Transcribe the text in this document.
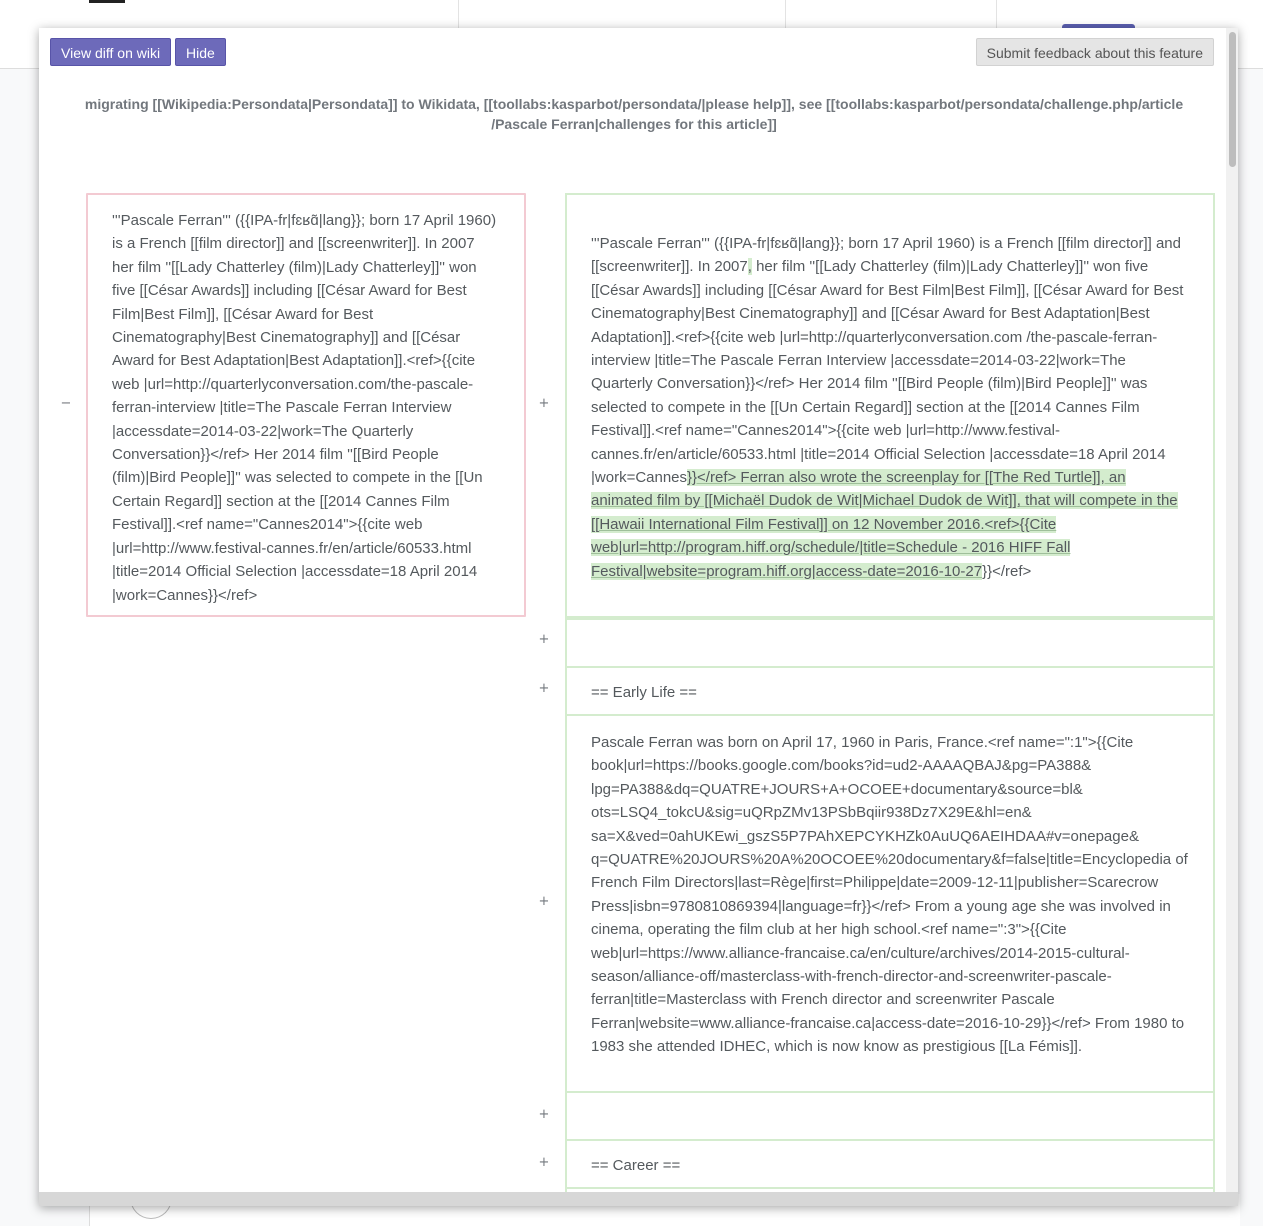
View diff on wiki	Hide	Submit feedback about this feature
migrating [[Wikipedia:Persondata|Persondata]] to Wikidata, [[toollabs:kasparbot/persondata/|please help]], see [[toollabs:kasparbot/persondata/challenge.php/article
/Pascale Ferran|challenges for this article]]
−
'''Pascale Ferran''' ({{IPA-fr|fɛʁɑ̃|lang}}; born 17 April 1960) is a French [[film director]] and [[screenwriter]]. In 2007 her film ''[[Lady Chatterley (film)|Lady Chatterley]]'' won five [[César Awards]] including [[César Award for Best Film|Best Film]], [[César Award for Best Cinematography|Best Cinematography]] and [[César Award for Best Adaptation|Best Adaptation]].<ref>{{cite web |url=http://quarterlyconversation.com/the-pascale-ferran-interview |title=The Pascale Ferran Interview |accessdate=2014-03-22|work=The Quarterly Conversation}}</ref> Her 2014 film ''[[Bird People (film)|Bird People]]'' was selected to compete in the [[Un Certain Regard]] section at the [[2014 Cannes Film Festival]].<ref name="Cannes2014">{{cite web |url=http://www.festival-cannes.fr/en/article/60533.html |title=2014 Official Selection |accessdate=18 April 2014 |work=Cannes}}</ref>
+
'''Pascale Ferran''' ({{IPA-fr|fɛʁɑ̃|lang}}; born 17 April 1960) is a French [[film director]] and [[screenwriter]]. In 2007, her film ''[[Lady Chatterley (film)|Lady Chatterley]]'' won five [[César Awards]] including [[César Award for Best Film|Best Film]], [[César Award for Best Cinematography|Best Cinematography]] and [[César Award for Best Adaptation|Best Adaptation]].<ref>{{cite web |url=http://quarterlyconversation.com /the-pascale-ferran-interview |title=The Pascale Ferran Interview |accessdate=2014-03-22|work=The Quarterly Conversation}}</ref> Her 2014 film ''[[Bird People (film)|Bird People]]'' was selected to compete in the [[Un Certain Regard]] section at the [[2014 Cannes Film Festival]].<ref name="Cannes2014">{{cite web |url=http://www.festival-cannes.fr/en/article/60533.html |title=2014 Official Selection |accessdate=18 April 2014 |work=Cannes}}</ref> Ferran also wrote the screenplay for [[The Red Turtle]], an animated film by [[Michaël Dudok de Wit|Michael Dudok de Wit]], that will compete in the [[Hawaii International Film Festival]] on 12 November 2016.<ref>{{Cite web|url=http://program.hiff.org/schedule/|title=Schedule - 2016 HIFF Fall Festival|website=program.hiff.org|access-date=2016-10-27}}</ref>
+
+	== Early Life ==
+
Pascale Ferran was born on April 17, 1960 in Paris, France.<ref name=":1">{{Cite book|url=https://books.google.com/books?id=ud2-AAAAQBAJ&pg=PA388& lpg=PA388&dq=QUATRE+JOURS+A+OCOEE+documentary&source=bl& ots=LSQ4_tokcU&sig=uQRpZMv13PSbBqiir938Dz7X29E&hl=en& sa=X&ved=0ahUKEwi_gszS5P7PAhXEPCYKHZk0AuUQ6AEIHDAA#v=onepage& q=QUATRE%20JOURS%20A%20OCOEE%20documentary&f=false|title=Encyclopedia of French Film Directors|last=Rège|first=Philippe|date=2009-12-11|publisher=Scarecrow Press|isbn=9780810869394|language=fr}}</ref> From a young age she was involved in cinema, operating the film club at her high school.<ref name=":3">{{Cite web|url=https://www.alliance-francaise.ca/en/culture/archives/2014-2015-cultural-season/alliance-off/masterclass-with-french-director-and-screenwriter-pascale-ferran|title=Masterclass with French director and screenwriter Pascale Ferran|website=www.alliance-francaise.ca|access-date=2016-10-29}}</ref> From 1980 to 1983 she attended IDHEC, which is now know as prestigious [[La Fémis]].
+
+	== Career ==
